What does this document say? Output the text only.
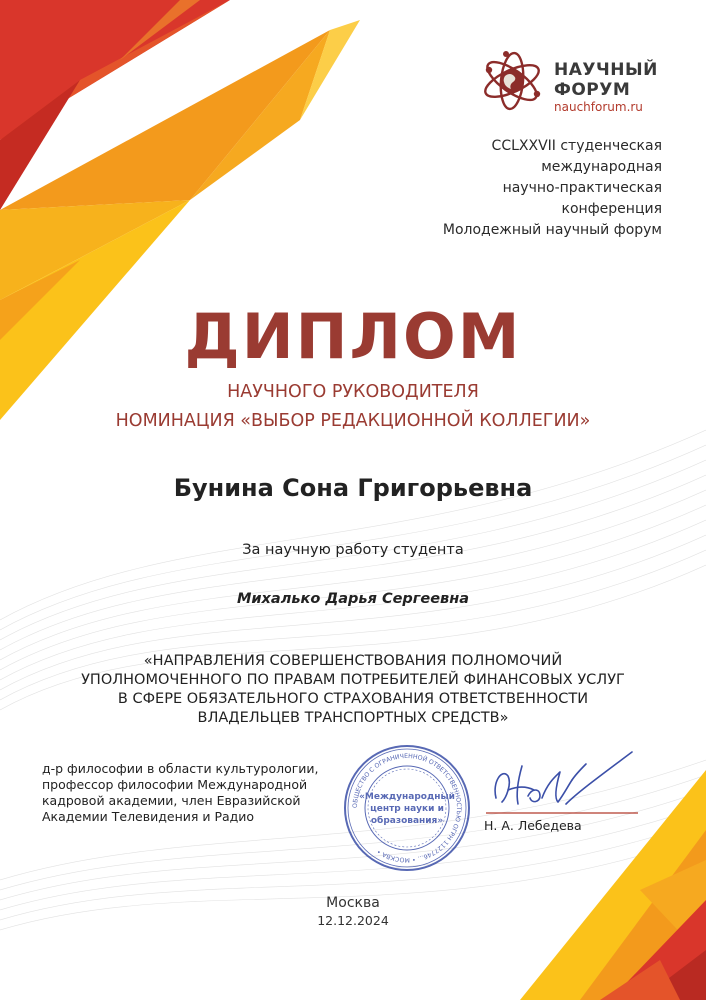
НАУЧНЫЙ
ФОРУМ
nauchforum.ru
CCLXXVII студенческая
международная
научно-практическая
конференция
Молодежный научный форум
ДИПЛОМ
НАУЧНОГО РУКОВОДИТЕЛЯ
НОМИНАЦИЯ «ВЫБОР РЕДАКЦИОННОЙ КОЛЛЕГИИ»
Бунина Сона Григорьевна
За научную работу студента
Михалько Дарья Сергеевна
«НАПРАВЛЕНИЯ СОВЕРШЕНСТВОВАНИЯ ПОЛНОМОЧИЙ
УПОЛНОМОЧЕННОГО ПО ПРАВАМ ПОТРЕБИТЕЛЕЙ ФИНАНСОВЫХ УСЛУГ
В СФЕРЕ ОБЯЗАТЕЛЬНОГО СТРАХОВАНИЯ ОТВЕТСТВЕННОСТИ
ВЛАДЕЛЬЦЕВ ТРАНСПОРТНЫХ СРЕДСТВ»
д-р философии в области культурологии,
профессор философии Международной
кадровой академии, член Евразийской
Академии Телевидения и Радио
ОБЩЕСТВО С ОГРАНИЧЕННОЙ ОТВЕТСТВЕННОСТЬЮ ОГРН 1127746... • МОСКВА •
«Международный
центр науки и
образования»	Н. А. Лебедева
Москва
12.12.2024
